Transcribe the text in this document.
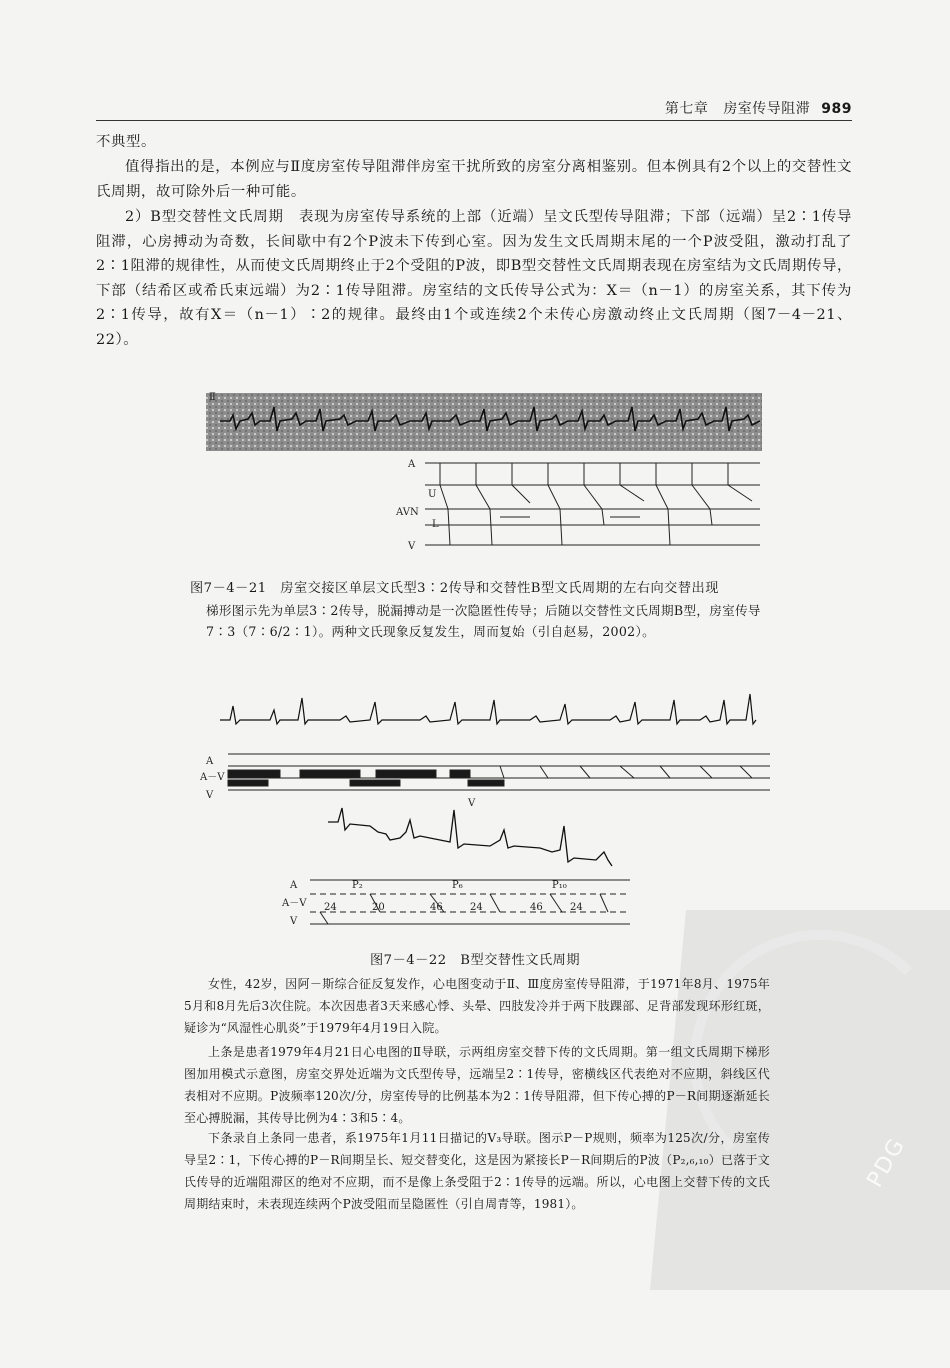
第七章 房室传导阻滞 989

不典型。

值得指出的是，本例应与Ⅱ度房室传导阻滞伴房室干扰所致的房室分离相鉴别。但本例具有2个以上的交替性文氏周期，故可除外后一种可能。

2）B型交替性文氏周期　表现为房室传导系统的上部（近端）呈文氏型传导阻滞；下部（远端）呈2∶1传导阻滞，心房搏动为奇数，长间歇中有2个P波未下传到心室。因为发生文氏周期末尾的一个P波受阻，激动打乱了2∶1阻滞的规律性，从而使文氏周期终止于2个受阻的P波，即B型交替性文氏周期表现在房室结为文氏周期传导，下部（结希区或希氏束远端）为2∶1传导阻滞。房室结的文氏传导公式为：X＝（n－1）的房室关系，其下传为2∶1传导，故有X＝（n－1）∶2的规律。最终由1个或连续2个未传心房激动终止文氏周期（图7－4－21、22）。

Ⅱ
A
U
AVN
L
V

图7－4－21　房室交接区单层文氏型3∶2传导和交替性B型文氏周期的左右向交替出现

梯形图示先为单层3∶2传导，脱漏搏动是一次隐匿性传导；后随以交替性文氏周期B型，房室传导7∶3（7∶6/2∶1）。两种文氏现象反复发生，周而复始（引自赵易，2002）。

A
A－V
V
V
A
A－V
V
P₂	P₆	P₁₀
24	20	46	24	46	24

图7－4－22　B型交替性文氏周期

女性，42岁，因阿－斯综合征反复发作，心电图变动于Ⅱ、Ⅲ度房室传导阻滞，于1971年8月、1975年5月和8月先后3次住院。本次因患者3天来感心悸、头晕、四肢发冷并于两下肢踝部、足背部发现环形红斑，疑诊为“风湿性心肌炎”于1979年4月19日入院。

上条是患者1979年4月21日心电图的Ⅱ导联，示两组房室交替下传的文氏周期。第一组文氏周期下梯形图加用模式示意图，房室交界处近端为文氏型传导，远端呈2∶1传导，密横线区代表绝对不应期，斜线区代表相对不应期。P波频率120次/分，房室传导的比例基本为2∶1传导阻滞，但下传心搏的P－R间期逐渐延长至心搏脱漏，其传导比例为4∶3和5∶4。

下条录自上条同一患者，系1975年1月11日描记的V₃导联。图示P－P规则，频率为125次/分，房室传导呈2∶1，下传心搏的P－R间期呈长、短交替变化，这是因为紧接长P－R间期后的P波（P₂,₆,₁₀）已落于文氏传导的近端阻滞区的绝对不应期，而不是像上条受阻于2∶1传导的远端。所以，心电图上交替下传的文氏周期结束时，未表现连续两个P波受阻而呈隐匿性（引自周青等，1981）。

PDG
